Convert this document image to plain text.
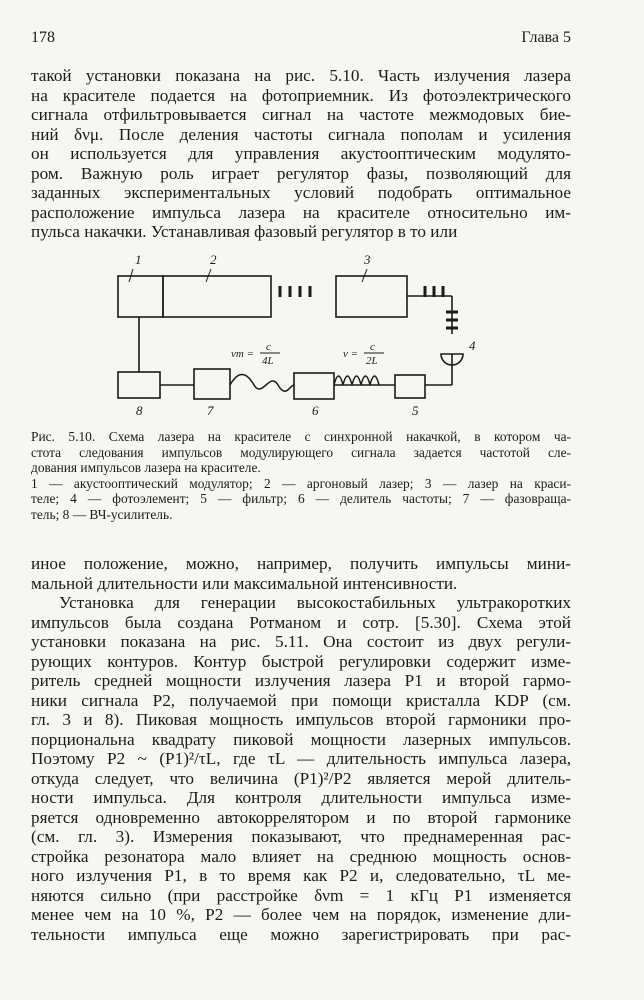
178	Глава 5

такой установки показана на рис. 5.10. Часть излучения лазера
на красителе подается на фотоприемник. Из фотоэлектрического
сигнала отфильтровывается сигнал на частоте межмодовых бие-
ний δνμ. После деления частоты сигнала пополам и усиления
он используется для управления акустооптическим модулято-
ром. Важную роль играет регулятор фазы, позволяющий для
заданных экспериментальных условий подобрать оптимальное
расположение импульса лазера на красителе относительно им-
пульса накачки. Устанавливая фазовый регулятор в то или

1	2	3
4
8	7	6	5
νm =
c
4L
ν =
c
2L
Рис. 5.10. Схема лазера на красителе с синхронной накачкой, в котором ча-
стота следования импульсов модулирующего сигнала задается частотой сле-
дования импульсов лазера на красителе.
1 — акустооптический модулятор; 2 — аргоновый лазер; 3 — лазер на краси-
теле; 4 — фотоэлемент; 5 — фильтр; 6 — делитель частоты; 7 — фазовраща-
тель; 8 — ВЧ-усилитель.

иное положение, можно, например, получить импульсы мини-
мальной длительности или максимальной интенсивности.

Установка для генерации высокостабильных ультракоротких
импульсов была создана Ротманом и сотр. [5.30]. Схема этой
установки показана на рис. 5.11. Она состоит из двух регули-
рующих контуров. Контур быстрой регулировки содержит изме-
ритель средней мощности излучения лазера P1 и второй гармо-
ники сигнала P2, получаемой при помощи кристалла KDP (см.
гл. 3 и 8). Пиковая мощность импульсов второй гармоники про-
порциональна квадрату пиковой мощности лазерных импульсов.
Поэтому P2 ~ (P1)²/τL, где τL — длительность импульса лазера,
откуда следует, что величина (P1)²/P2 является мерой длитель-
ности импульса. Для контроля длительности импульса изме-
ряется одновременно автокоррелятором и по второй гармонике
(см. гл. 3). Измерения показывают, что преднамеренная рас-
стройка резонатора мало влияет на среднюю мощность основ-
ного излучения P1, в то время как P2 и, следовательно, τL ме-
няются сильно (при расстройке δνm = 1 кГц P1 изменяется
менее чем на 10 %, P2 — более чем на порядок, изменение дли-
тельности импульса еще можно зарегистрировать при рас-
